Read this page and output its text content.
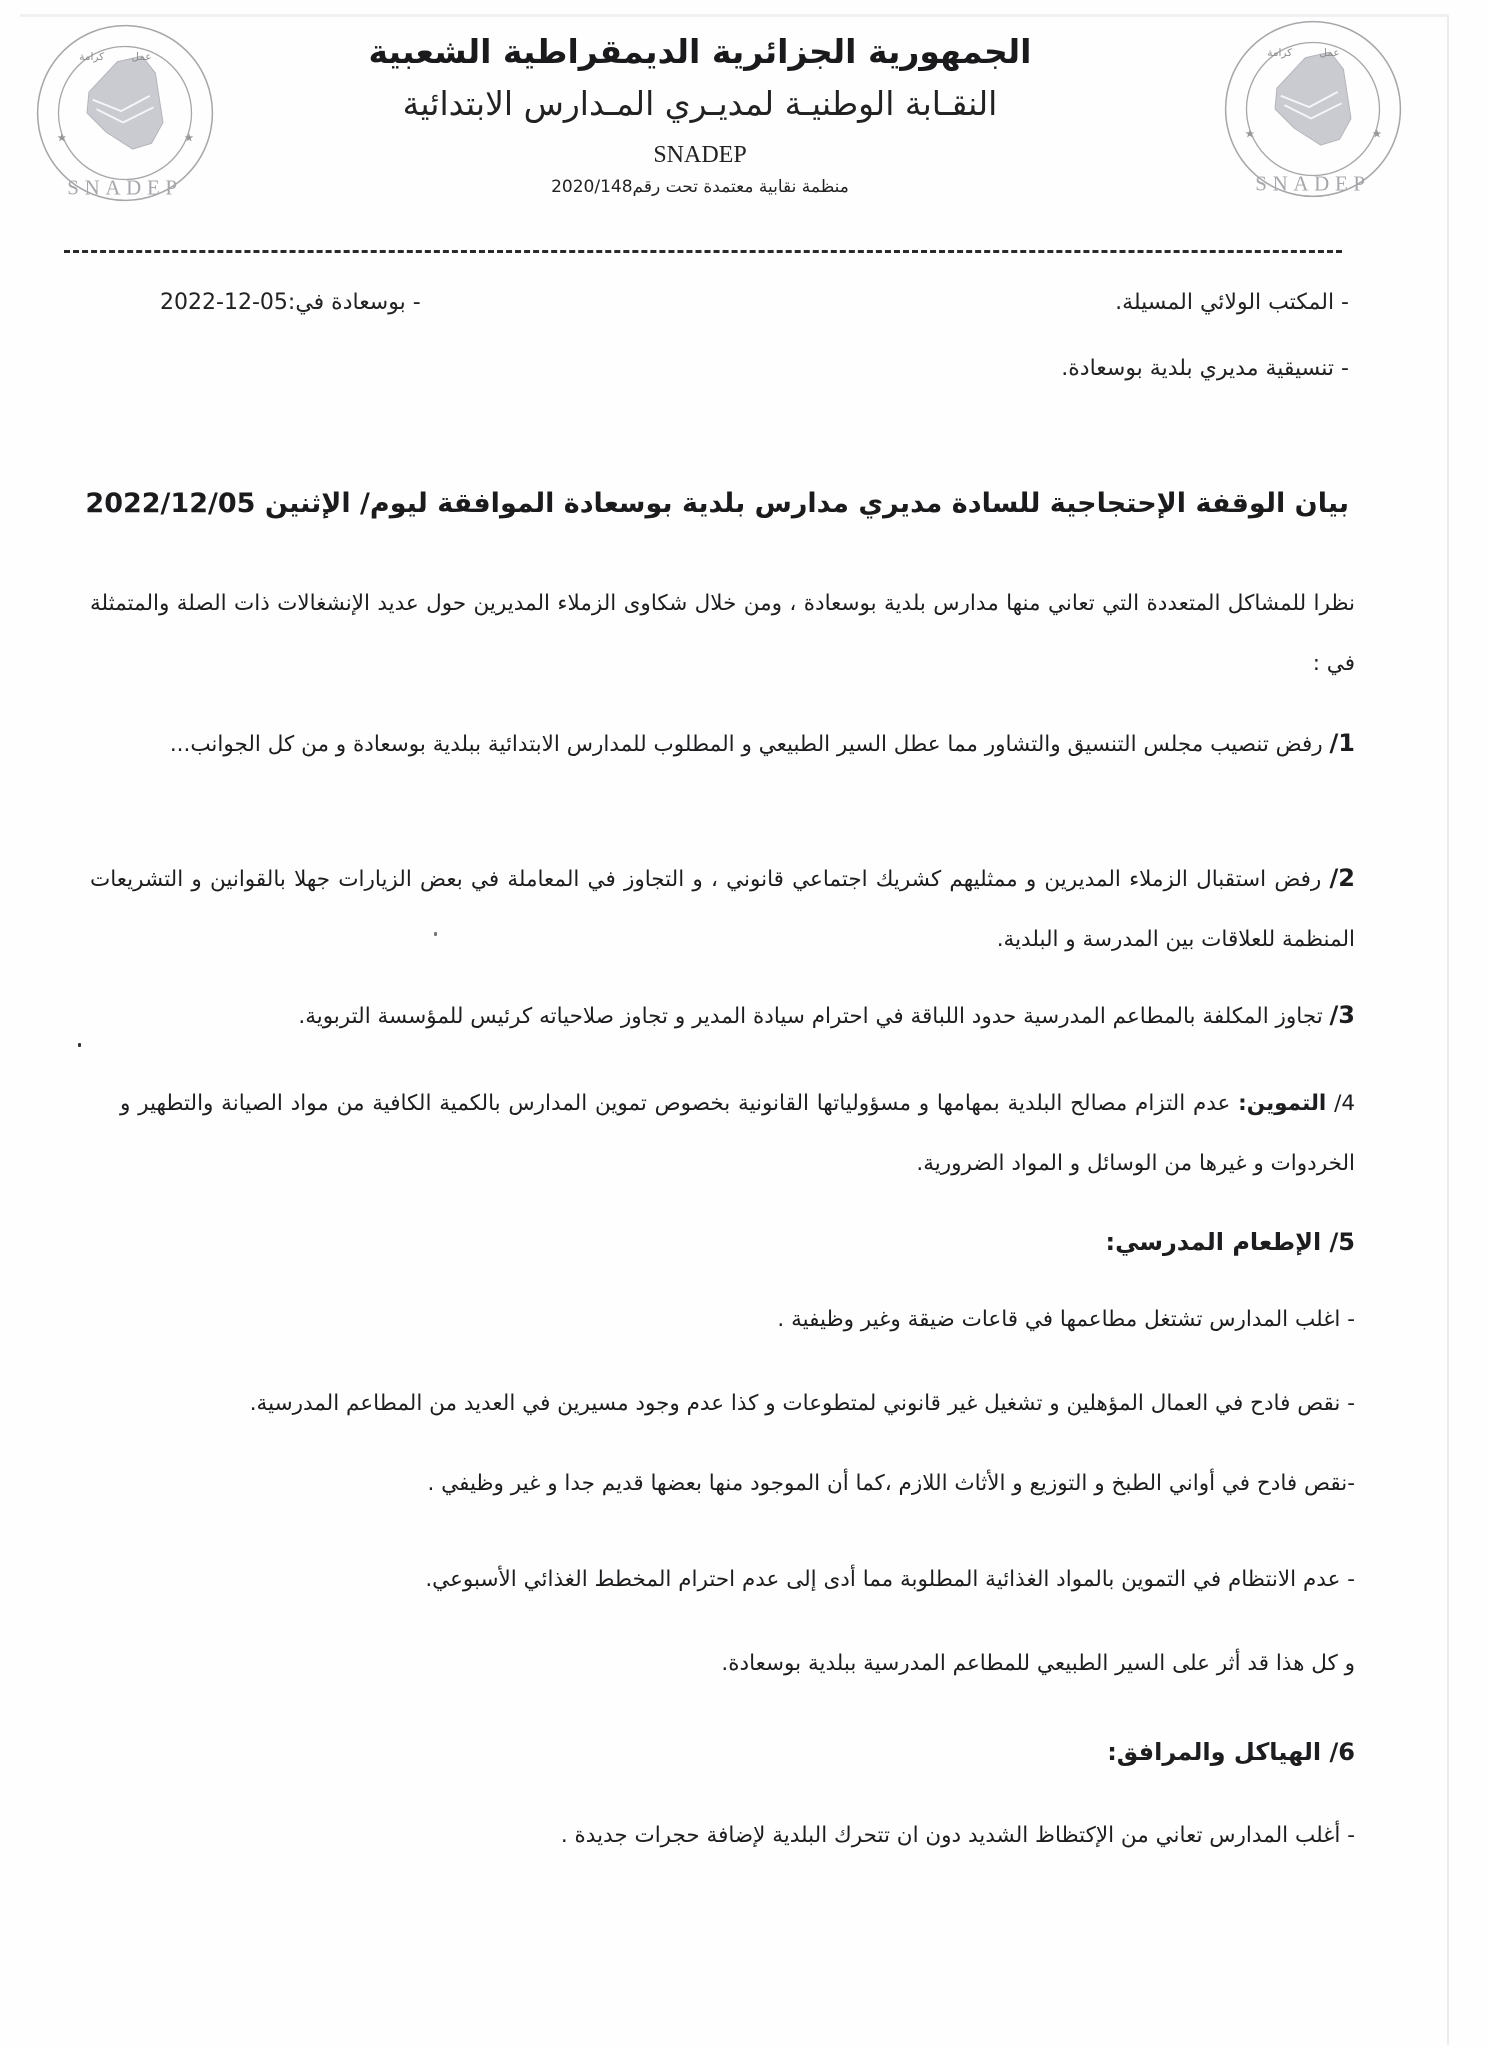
SNADEP
★	★
عمل
كرامة
SNADEP
★	★
عمل
كرامة
الجمهورية الجزائرية الديمقراطية الشعبية
النقـابة الوطنيـة لمديـري المـدارس الابتدائية
SNADEP
منظمة نقابية معتمدة تحت رقم2020/148
- المكتب الولائي المسيلة.
- تنسيقية مديري بلدية بوسعادة.
- بوسعادة في:05-12-2022
بيان الوقفة الإحتجاجية للسادة مديري مدارس بلدية بوسعادة الموافقة ليوم/ الإثنين 2022/12/05
نظرا للمشاكل المتعددة التي تعاني منها مدارس بلدية بوسعادة ، ومن خلال شكاوى الزملاء المديرين حول عديد الإنشغالات ذات الصلة والمتمثلة في :
1/ رفض تنصيب مجلس التنسيق والتشاور مما عطل السير الطبيعي و المطلوب للمدارس الابتدائية ببلدية بوسعادة و من كل الجوانب...
2/ رفض استقبال الزملاء المديرين و ممثليهم كشريك اجتماعي قانوني ، و التجاوز في المعاملة في بعض الزيارات جهلا بالقوانين و التشريعات المنظمة للعلاقات بين المدرسة و البلدية.
3/ تجاوز المكلفة بالمطاعم المدرسية حدود اللباقة في احترام سيادة المدير و تجاوز صلاحياته كرئيس للمؤسسة التربوية.
4/ التموين: عدم التزام مصالح البلدية بمهامها و مسؤولياتها القانونية بخصوص تموين المدارس بالكمية الكافية من مواد الصيانة والتطهير و الخردوات و غيرها من الوسائل و المواد الضرورية.
5/ الإطعام المدرسي:
- اغلب المدارس تشتغل مطاعمها في قاعات ضيقة وغير وظيفية .
- نقص فادح في العمال المؤهلين و تشغيل غير قانوني لمتطوعات و كذا عدم وجود مسيرين في العديد من المطاعم المدرسية.
-نقص فادح في أواني الطبخ و التوزيع و الأثاث اللازم ،كما أن الموجود منها بعضها قديم جدا و غير وظيفي .
- عدم الانتظام في التموين بالمواد الغذائية المطلوبة مما أدى إلى عدم احترام المخطط الغذائي الأسبوعي.
و كل هذا قد أثر على السير الطبيعي للمطاعم المدرسية ببلدية بوسعادة.
6/ الهياكل والمرافق:
- أغلب المدارس تعاني من الإكتظاظ الشديد دون ان تتحرك البلدية لإضافة حجرات جديدة .
